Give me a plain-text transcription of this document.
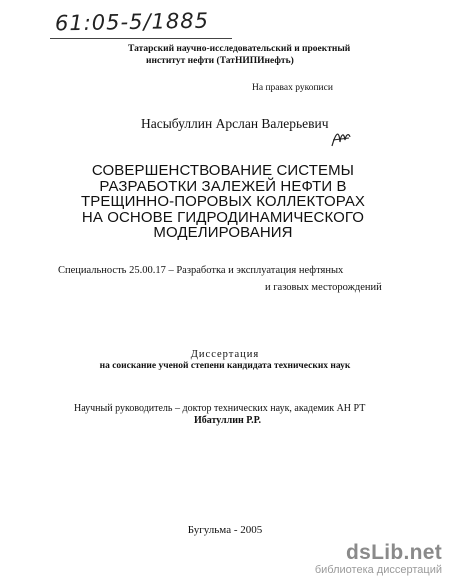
61:05-5/1885
Татарский научно-исследовательский и проектный
институт нефти (ТатНИПИнефть)
На правах рукописи
Насыбуллин Арслан Валерьевич
СОВЕРШЕНСТВОВАНИЕ СИСТЕМЫ
РАЗРАБОТКИ ЗАЛЕЖЕЙ НЕФТИ В
ТРЕЩИННО-ПОРОВЫХ КОЛЛЕКТОРАХ
НА ОСНОВЕ ГИДРОДИНАМИЧЕСКОГО
МОДЕЛИРОВАНИЯ
Специальность 25.00.17 – Разработка и эксплуатация нефтяных
и газовых месторождений
Диссертация
на соискание ученой степени кандидата технических наук
Научный руководитель – доктор технических наук, академик АН РТ
Ибатуллин Р.Р.
Бугульма - 2005
dsLib.net
библиотека диссертаций
